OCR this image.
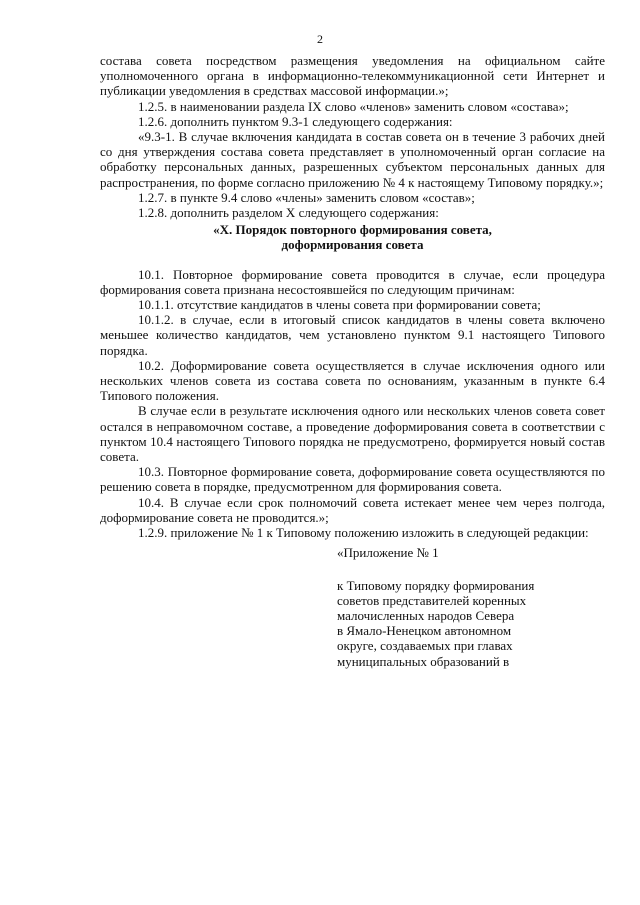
2

состава совета посредством размещения уведомления на официальном сайте уполномоченного органа в информационно-телекоммуникационной сети Интернет и публикации уведомления в средствах массовой информации.»;

1.2.5. в наименовании раздела IX слово «членов» заменить словом «состава»;

1.2.6. дополнить пунктом 9.3-1 следующего содержания:

«9.3-1. В случае включения кандидата в состав совета он в течение 3 рабочих дней со дня утверждения состава совета представляет в уполномоченный орган согласие на обработку персональных данных, разрешенных субъектом персональных данных для распространения, по форме согласно приложению № 4 к настоящему Типовому порядку.»;

1.2.7. в пункте 9.4 слово «члены» заменить словом «состав»;

1.2.8. дополнить разделом X следующего содержания:

«X. Порядок повторного формирования совета,
доформирования совета

10.1. Повторное формирование совета проводится в случае, если процедура формирования совета признана несостоявшейся по следующим причинам:

10.1.1. отсутствие кандидатов в члены совета при формировании совета;

10.1.2. в случае, если в итоговый список кандидатов в члены совета включено меньшее количество кандидатов, чем установлено пунктом 9.1 настоящего Типового порядка.

10.2. Доформирование совета осуществляется в случае исключения одного или нескольких членов совета из состава совета по основаниям, указанным в пункте 6.4 Типового положения.

В случае если в результате исключения одного или нескольких членов совета совет остался в неправомочном составе, а проведение доформирования совета в соответствии с пунктом 10.4 настоящего Типового порядка не предусмотрено, формируется новый состав совета.

10.3. Повторное формирование совета, доформирование совета осуществляются по решению совета в порядке, предусмотренном для формирования совета.

10.4. В случае если срок полномочий совета истекает менее чем через полгода, доформирование совета не проводится.»;

1.2.9. приложение № 1 к Типовому положению изложить в следующей редакции:

«Приложение № 1
к Типовому порядку формирования
советов представителей коренных
малочисленных народов Севера
в Ямало-Ненецком автономном
округе, создаваемых при главах
муниципальных образований в
